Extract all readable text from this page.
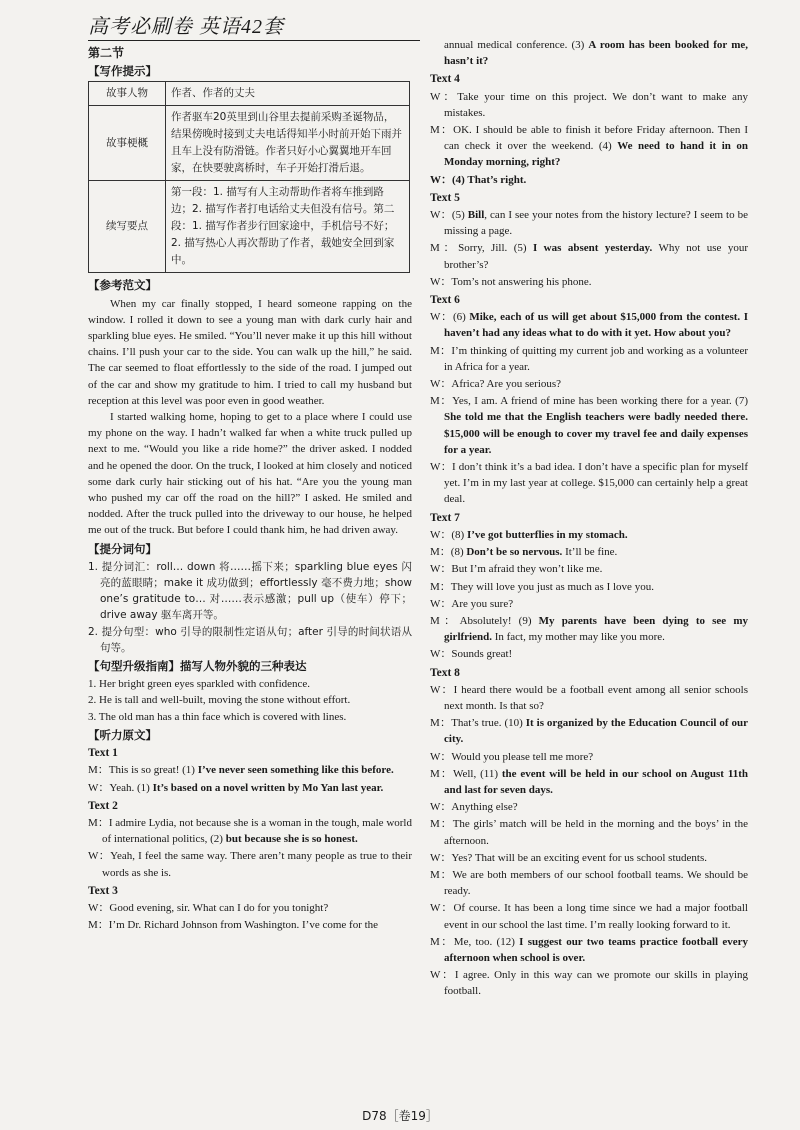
高考必刷卷 英语42套
第二节
【写作提示】
故事人物	作者、作者的丈夫
故事梗概	作者驱车20英里到山谷里去提前采购圣诞物品，结果傍晚时接到丈夫电话得知半小时前开始下雨并且车上没有防滑链。作者只好小心翼翼地开车回家，在快要驶离桥时，车子开始打滑后退。
续写要点	第一段：1. 描写有人主动帮助作者将车推到路边；2. 描写作者打电话给丈夫但没有信号。第二段：1. 描写作者步行回家途中，手机信号不好；2. 描写热心人再次帮助了作者，载她安全回到家中。
【参考范文】

When my car finally stopped, I heard someone rapping on the window. I rolled it down to see a young man with dark curly hair and sparkling blue eyes. He smiled. “You’ll never make it up this hill without chains. I’ll push your car to the side. You can walk up the hill,” he said. The car seemed to float effortlessly to the side of the road. I jumped out of the car and show my gratitude to him. I tried to call my husband but reception at this level was poor even in good weather.

I started walking home, hoping to get to a place where I could use my phone on the way. I hadn’t walked far when a white truck pulled up next to me. “Would you like a ride home?” the driver asked. I nodded and he opened the door. On the truck, I looked at him closely and noticed some dark curly hair sticking out of his hat. “Are you the young man who pushed my car off the road on the hill?” I asked. He smiled and nodded. After the truck pulled into the driveway to our house, he helped me out of the truck. But before I could thank him, he had driven away.

【提分词句】

1. 提分词汇：roll… down 将……摇下来；sparkling blue eyes 闪亮的蓝眼睛；make it 成功做到；effortlessly 毫不费力地；show one’s gratitude to… 对……表示感激；pull up（使车）停下；drive away 驱车离开等。

2. 提分句型：who 引导的限制性定语从句；after 引导的时间状语从句等。

【句型升级指南】描写人物外貌的三种表达

1. Her bright green eyes sparkled with confidence.

2. He is tall and well-built, moving the stone without effort.

3. The old man has a thin face which is covered with lines.

【听力原文】
Text 1

M：This is so great! (1) I’ve never seen something like this before.

W：Yeah. (1) It’s based on a novel written by Mo Yan last year.

Text 2

M：I admire Lydia, not because she is a woman in the tough, male world of international politics, (2) but because she is so honest.

W：Yeah, I feel the same way. There aren’t many people as true to their words as she is.

Text 3

W：Good evening, sir. What can I do for you tonight?

M：I’m Dr. Richard Johnson from Washington. I’ve come for the

annual medical conference. (3) A room has been booked for me, hasn’t it?

Text 4

W：Take your time on this project. We don’t want to make any mistakes.

M：OK. I should be able to finish it before Friday afternoon. Then I can check it over the weekend. (4) We need to hand it in on Monday morning, right?

W：(4) That’s right.

Text 5

W：(5) Bill, can I see your notes from the history lecture? I seem to be missing a page.

M：Sorry, Jill. (5) I was absent yesterday. Why not use your brother’s?

W：Tom’s not answering his phone.

Text 6

W：(6) Mike, each of us will get about $15,000 from the contest. I haven’t had any ideas what to do with it yet. How about you?

M：I’m thinking of quitting my current job and working as a volunteer in Africa for a year.

W：Africa? Are you serious?

M：Yes, I am. A friend of mine has been working there for a year. (7) She told me that the English teachers were badly needed there. $15,000 will be enough to cover my travel fee and daily expenses for a year.

W：I don’t think it’s a bad idea. I don’t have a specific plan for myself yet. I’m in my last year at college. $15,000 can certainly help a great deal.

Text 7

W：(8) I’ve got butterflies in my stomach.

M：(8) Don’t be so nervous. It’ll be fine.

W：But I’m afraid they won’t like me.

M：They will love you just as much as I love you.

W：Are you sure?

M：Absolutely! (9) My parents have been dying to see my girlfriend. In fact, my mother may like you more.

W：Sounds great!

Text 8

W：I heard there would be a football event among all senior schools next month. Is that so?

M：That’s true. (10) It is organized by the Education Council of our city.

W：Would you please tell me more?

M：Well, (11) the event will be held in our school on August 11th and last for seven days.

W：Anything else?

M：The girls’ match will be held in the morning and the boys’ in the afternoon.

W：Yes? That will be an exciting event for us school students.

M：We are both members of our school football teams. We should be ready.

W：Of course. It has been a long time since we had a major football event in our school the last time. I’m really looking forward to it.

M：Me, too. (12) I suggest our two teams practice football every afternoon when school is over.

W：I agree. Only in this way can we promote our skills in playing football.

D78［卷19］
